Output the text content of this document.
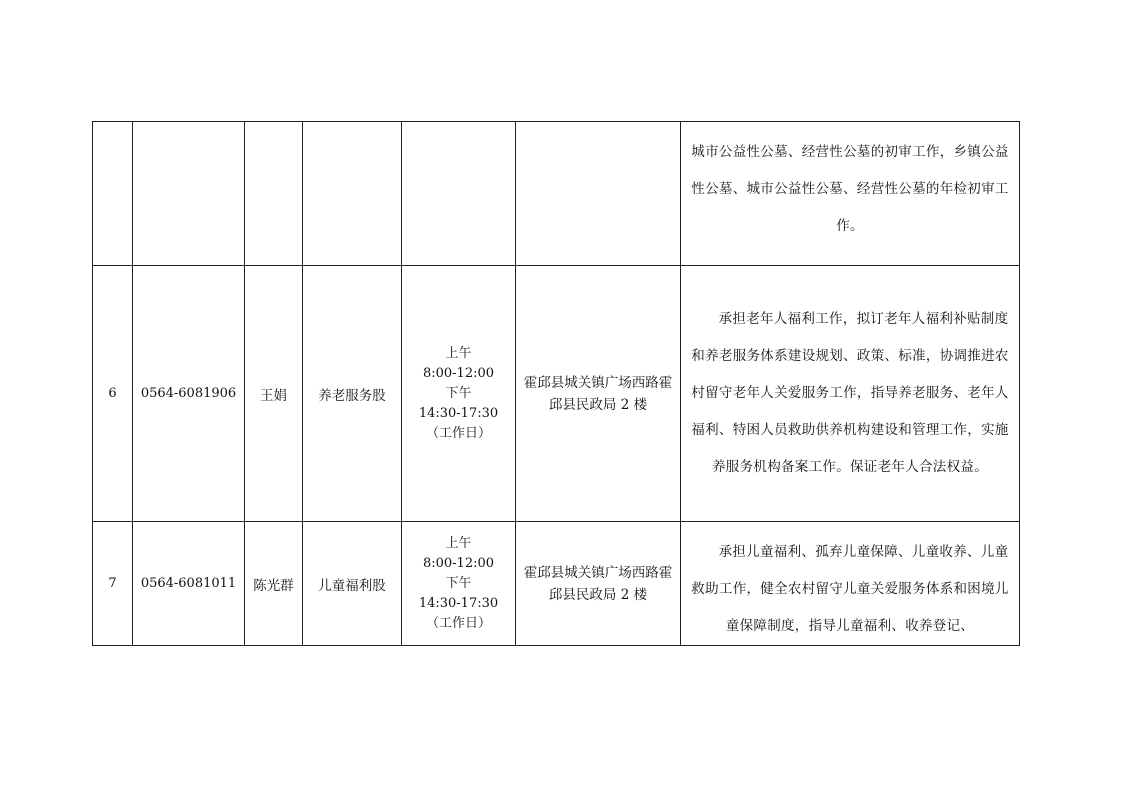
						城市公益性公墓、经营性公墓的初审工作，乡镇公益性公墓、城市公益性公墓、经营性公墓的年检初审工作。

6	0564-6081906	王娟	养老服务股	上午
8:00-12:00
下午
14:30-17:30
（工作日）	霍邱县城关镇广场西路霍邱县民政局 2 楼	承担老年人福利工作，拟订老年人福利补贴制度和养老服务体系建设规划、政策、标准，协调推进农村留守老年人关爱服务工作，指导养老服务、老年人福利、特困人员救助供养机构建设和管理工作，实施养服务机构备案工作。保证老年人合法权益。

7	0564-6081011	陈光群	儿童福利股	上午
8:00-12:00
下午
14:30-17:30
（工作日）	霍邱县城关镇广场西路霍邱县民政局 2 楼	承担儿童福利、孤弃儿童保障、儿童收养、儿童救助工作，健全农村留守儿童关爱服务体系和困境儿童保障制度，指导儿童福利、收养登记、
